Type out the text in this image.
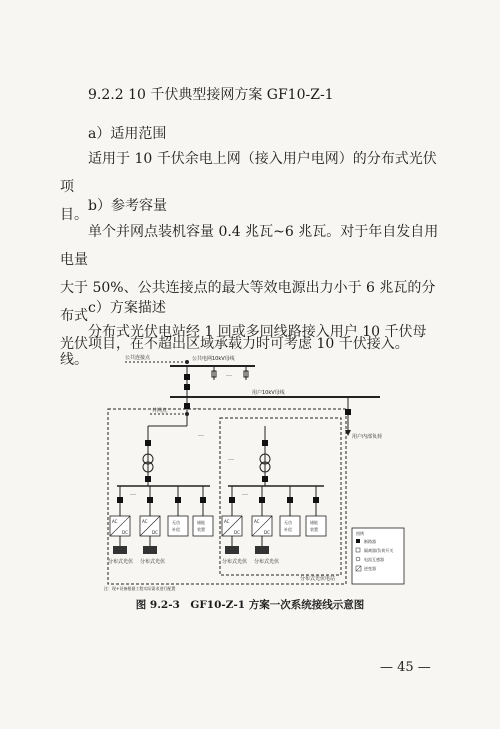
9.2.2 10 千伏典型接网方案 GF10-Z-1
a）适用范围
适用于 10 千伏余电上网（接入用户电网）的分布式光伏项
目。
b）参考容量
单个并网点装机容量 0.4 兆瓦~6 兆瓦。对于年自发自用电量
大于 50%、公共连接点的最大等效电源出力小于 6 兆瓦的分布式
光伏项目，在不超出区域承载力时可考虑 10 千伏接入。
c）方案描述
分布式光伏电站经 1 回或多回线路接入用户 10 千伏母线。	公共连接点	公共电网10kV母线
…
用户10kV母线
…
并网点
用户内部负荷
…
…
…	…
AC
DC
AC
DC
无功
补偿
储能
装置
AC
DC
AC
DC
无功
补偿
储能
装置
分布式光伏 分布式光伏	分布式光伏 分布式光伏
分布式光伏电站
图例
断路器
隔离器/负荷开关
电流互感器
逆变器
注：现+设备根据工程实际需求进行配置
图 9.2-3　GF10-Z-1 方案一次系统接线示意图
— 45 —
